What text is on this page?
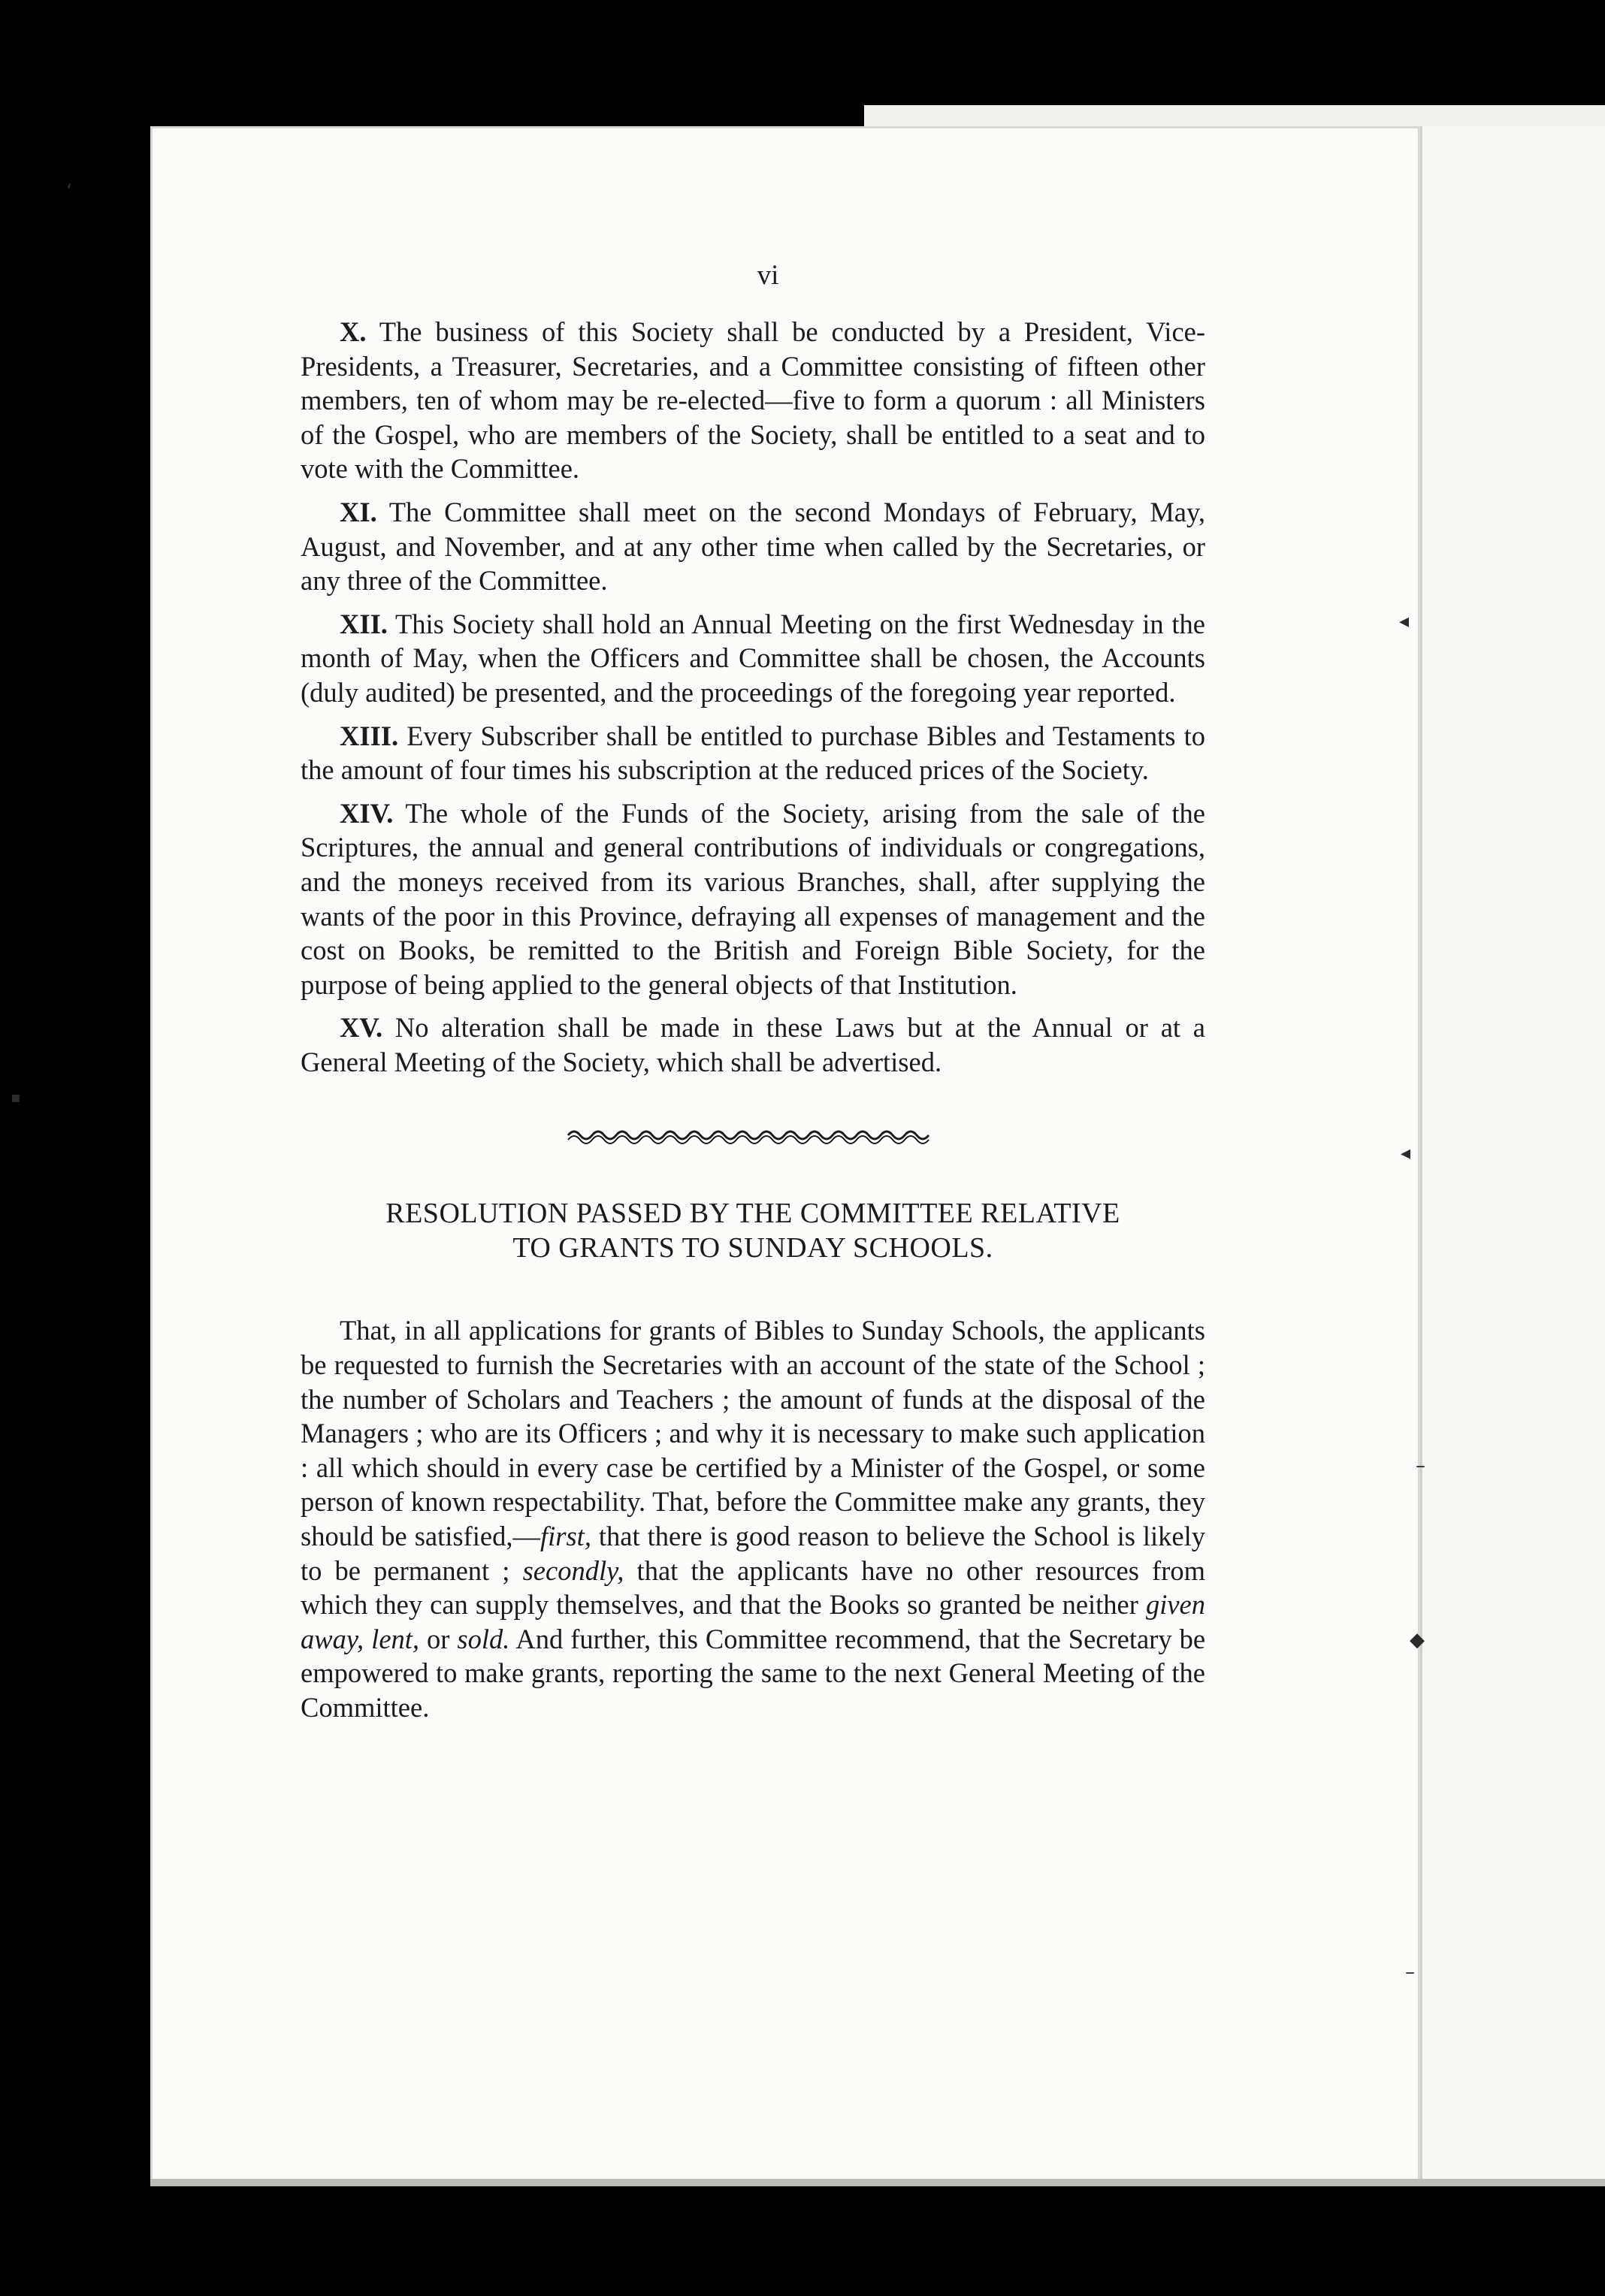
ʻ
▪
◂
◂
–
◆
–
vi

X. The business of this Society shall be conducted by a President, Vice-Presidents, a Treasurer, Secretaries, and a Committee consisting of fifteen other members, ten of whom may be re-elected—five to form a quorum : all Ministers of the Gospel, who are members of the Society, shall be entitled to a seat and to vote with the Committee.

XI. The Committee shall meet on the second Mondays of February, May, August, and November, and at any other time when called by the Secretaries, or any three of the Committee.

XII. This Society shall hold an Annual Meeting on the first Wednesday in the month of May, when the Officers and Committee shall be chosen, the Accounts (duly audited) be presented, and the proceedings of the foregoing year reported.

XIII. Every Subscriber shall be entitled to purchase Bibles and Testaments to the amount of four times his subscription at the reduced prices of the Society.

XIV. The whole of the Funds of the Society, arising from the sale of the Scriptures, the annual and general contributions of individuals or congregations, and the moneys received from its various Branches, shall, after supplying the wants of the poor in this Province, defraying all expenses of management and the cost on Books, be remitted to the British and Foreign Bible Society, for the purpose of being applied to the general objects of that Institution.

XV. No alteration shall be made in these Laws but at the Annual or at a General Meeting of the Society, which shall be advertised.

RESOLUTION PASSED BY THE COMMITTEE RELATIVE
TO GRANTS TO SUNDAY SCHOOLS.

That, in all applications for grants of Bibles to Sunday Schools, the applicants be requested to furnish the Secretaries with an account of the state of the School ; the number of Scholars and Teachers ; the amount of funds at the disposal of the Managers ; who are its Officers ; and why it is necessary to make such application : all which should in every case be certified by a Minister of the Gospel, or some person of known respectability. That, before the Committee make any grants, they should be satisfied,—first, that there is good reason to believe the School is likely to be permanent ; secondly, that the applicants have no other resources from which they can supply themselves, and that the Books so granted be neither given away, lent, or sold. And further, this Committee recommend, that the Secretary be empowered to make grants, reporting the same to the next General Meeting of the Committee.
